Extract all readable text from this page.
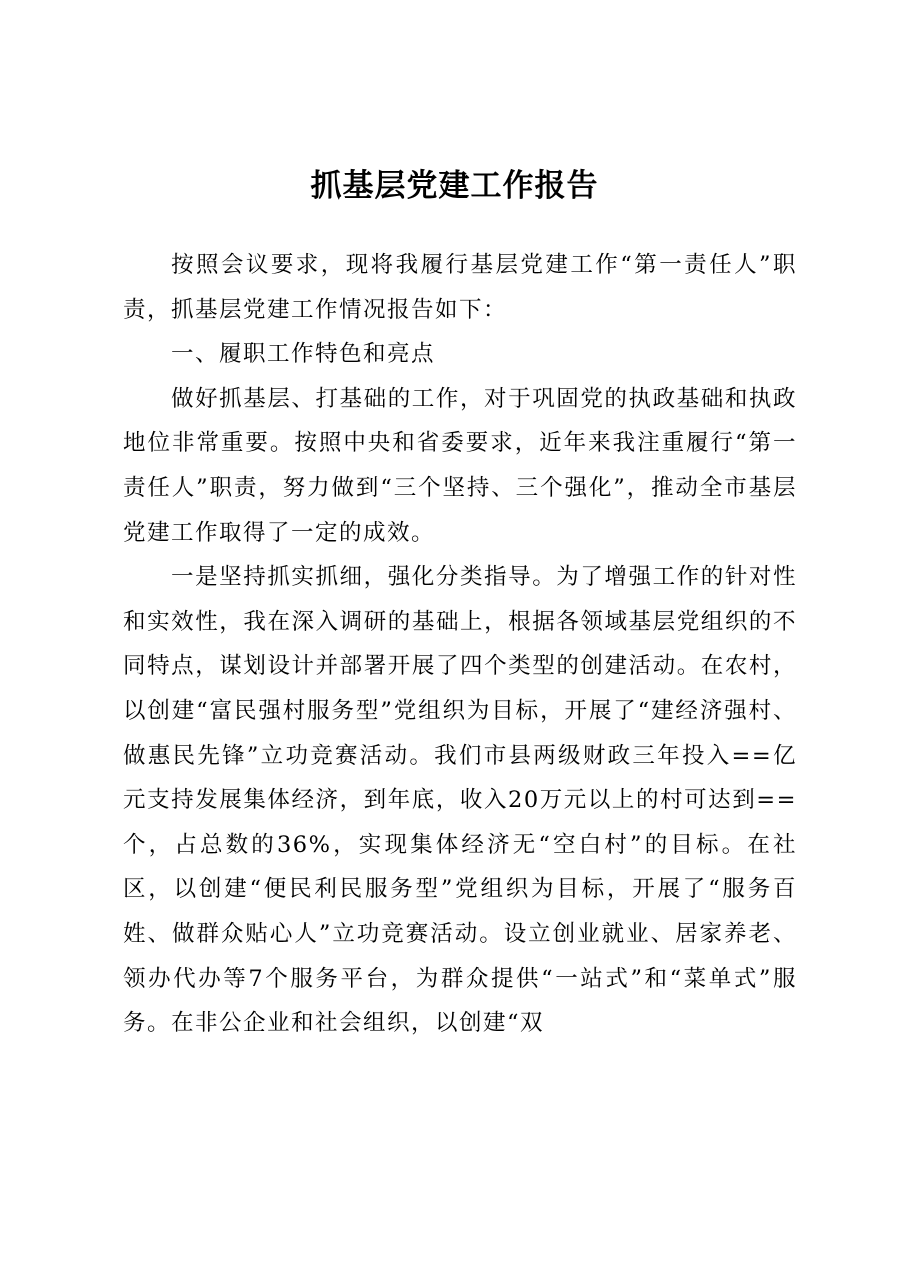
抓基层党建工作报告

按照会议要求，现将我履行基层党建工作“第一责任人”职责，抓基层党建工作情况报告如下：

一、履职工作特色和亮点

做好抓基层、打基础的工作，对于巩固党的执政基础和执政地位非常重要。按照中央和省委要求，近年来我注重履行“第一责任人”职责，努力做到“三个坚持、三个强化”，推动全市基层党建工作取得了一定的成效。

一是坚持抓实抓细，强化分类指导。为了增强工作的针对性和实效性，我在深入调研的基础上，根据各领域基层党组织的不同特点，谋划设计并部署开展了四个类型的创建活动。在农村，以创建“富民强村服务型”党组织为目标，开展了“建经济强村、做惠民先锋”立功竞赛活动。我们市县两级财政三年投入==亿元支持发展集体经济，到年底，收入20万元以上的村可达到==个，占总数的36%，实现集体经济无“空白村”的目标。在社区，以创建“便民利民服务型”党组织为目标，开展了“服务百姓、做群众贴心人”立功竞赛活动。设立创业就业、居家养老、领办代办等7个服务平台，为群众提供“一站式”和“菜单式”服务。在非公企业和社会组织，以创建“双
